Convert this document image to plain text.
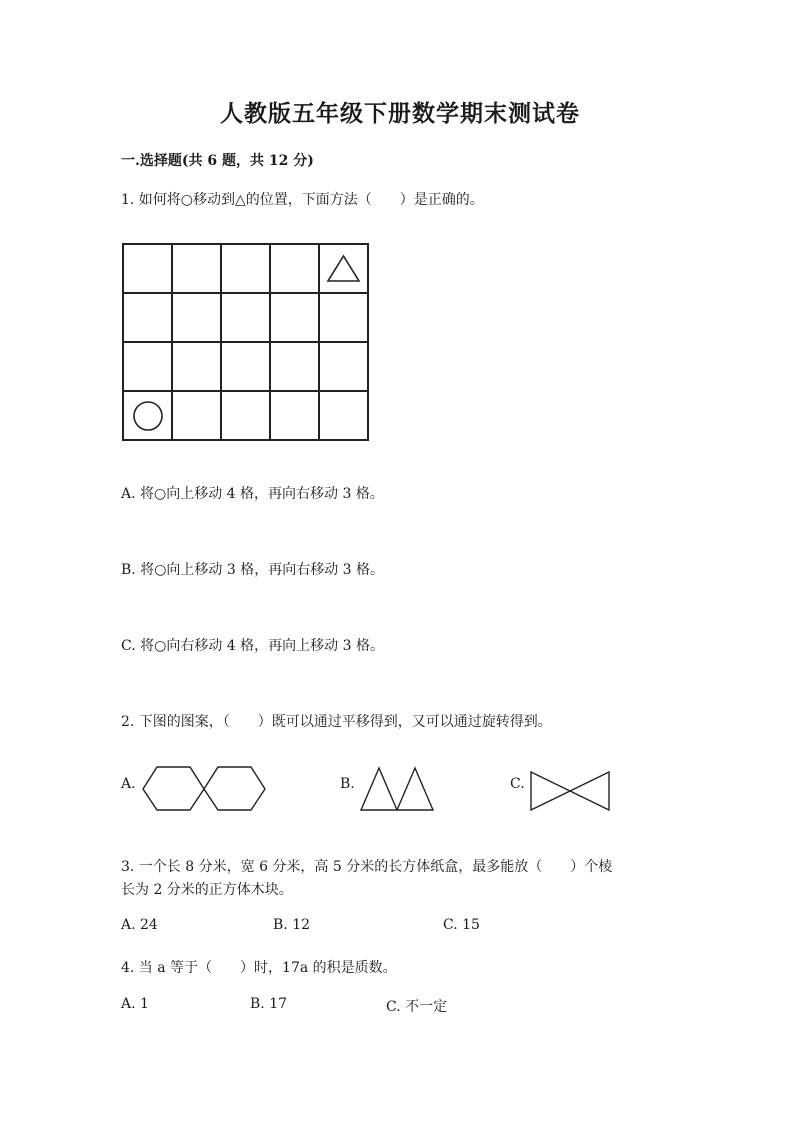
人教版五年级下册数学期末测试卷
一.选择题(共 6 题，共 12 分)
1. 如何将○移动到△的位置，下面方法（　　）是正确的。
A. 将○向上移动 4 格，再向右移动 3 格。
B. 将○向上移动 3 格，再向右移动 3 格。
C. 将○向右移动 4 格，再向上移动 3 格。
2. 下图的图案，（　　）既可以通过平移得到，又可以通过旋转得到。
A.	B.	C.
3. 一个长 8 分米，宽 6 分米，高 5 分米的长方体纸盒，最多能放（　　）个棱
长为 2 分米的正方体木块。
A. 24	B. 12	C. 15
4. 当 a 等于（　　）时，17a 的积是质数。
A. 1	B. 17	C. 不一定
